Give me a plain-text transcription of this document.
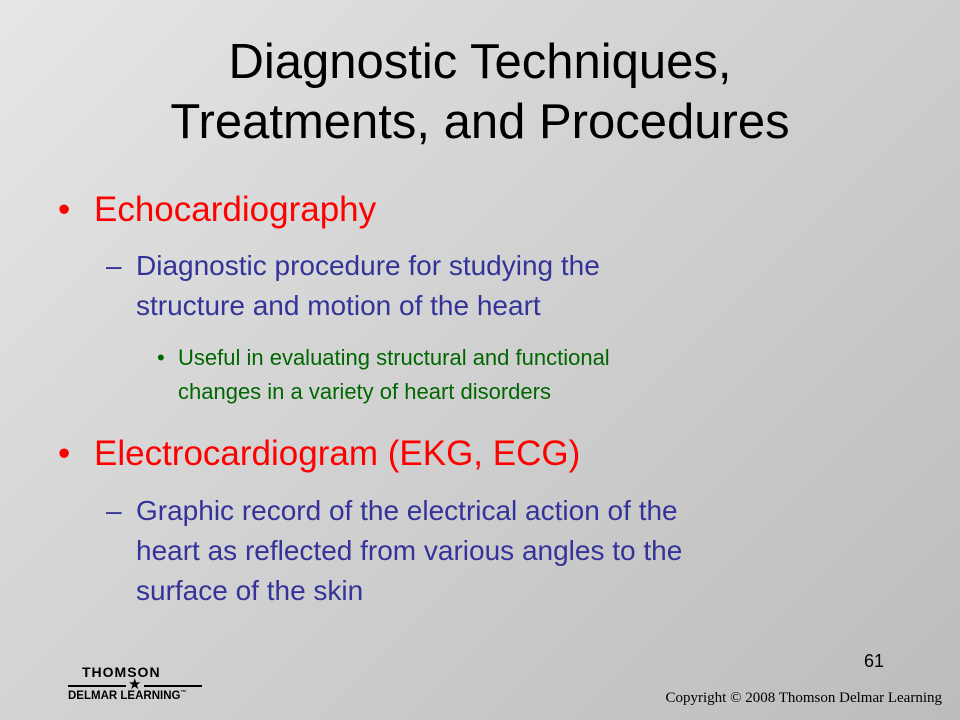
Diagnostic Techniques,
Treatments, and Procedures
• Echocardiography
– Diagnostic procedure for studying the
structure and motion of the heart
• Useful in evaluating structural and functional
changes in a variety of heart disorders
• Electrocardiogram (EKG, ECG)
– Graphic record of the electrical action of the
heart as reflected from various angles to the
surface of the skin
61
THOMSON
★
DELMAR LEARNING™	Copyright © 2008 Thomson Delmar Learning
